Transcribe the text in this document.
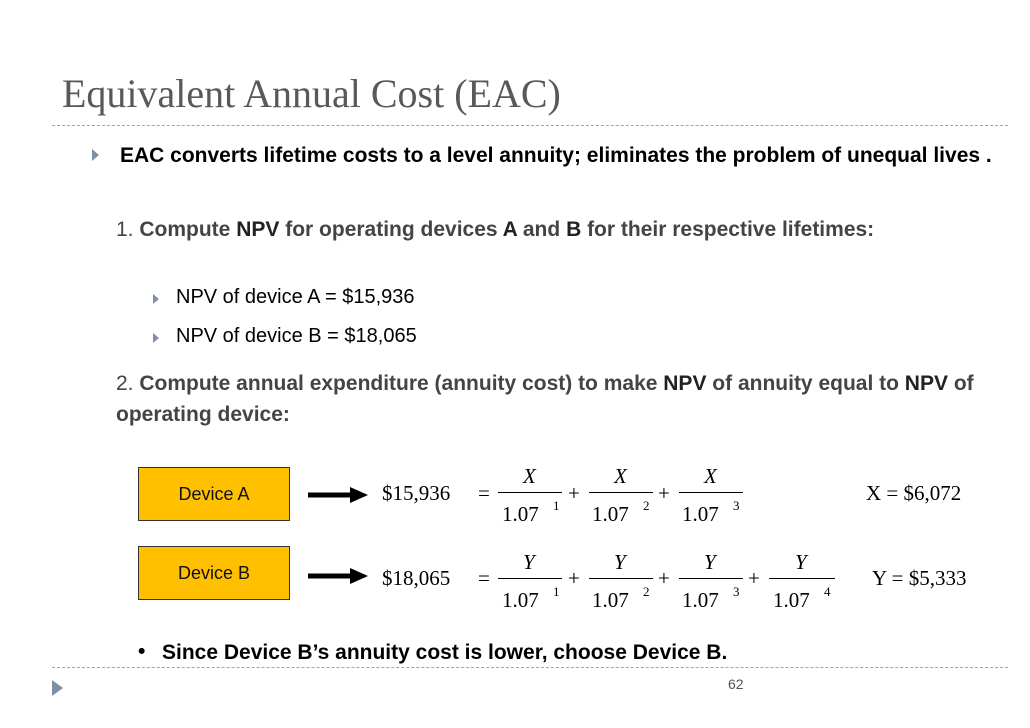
Equivalent Annual Cost (EAC)
EAC converts lifetime costs to a level annuity; eliminates the problem of unequal lives .
1. Compute NPV for operating devices A and B for their respective lifetimes:
NPV of device A = $15,936
NPV of device B = $18,065
2. Compute annual expenditure (annuity cost) to make NPV of annuity equal to NPV of operating device:
Device A	$15,936 =
X
1.07 1
+
X
1.07 2
+
X
1.07 3
X = $6,072
Device B	$18,065 =
Y
1.07 1
+
Y
1.07 2
+
Y
1.07 3
+
Y
1.07 4
Y = $5,333
• Since Device B’s annuity cost is lower, choose Device B.
62
